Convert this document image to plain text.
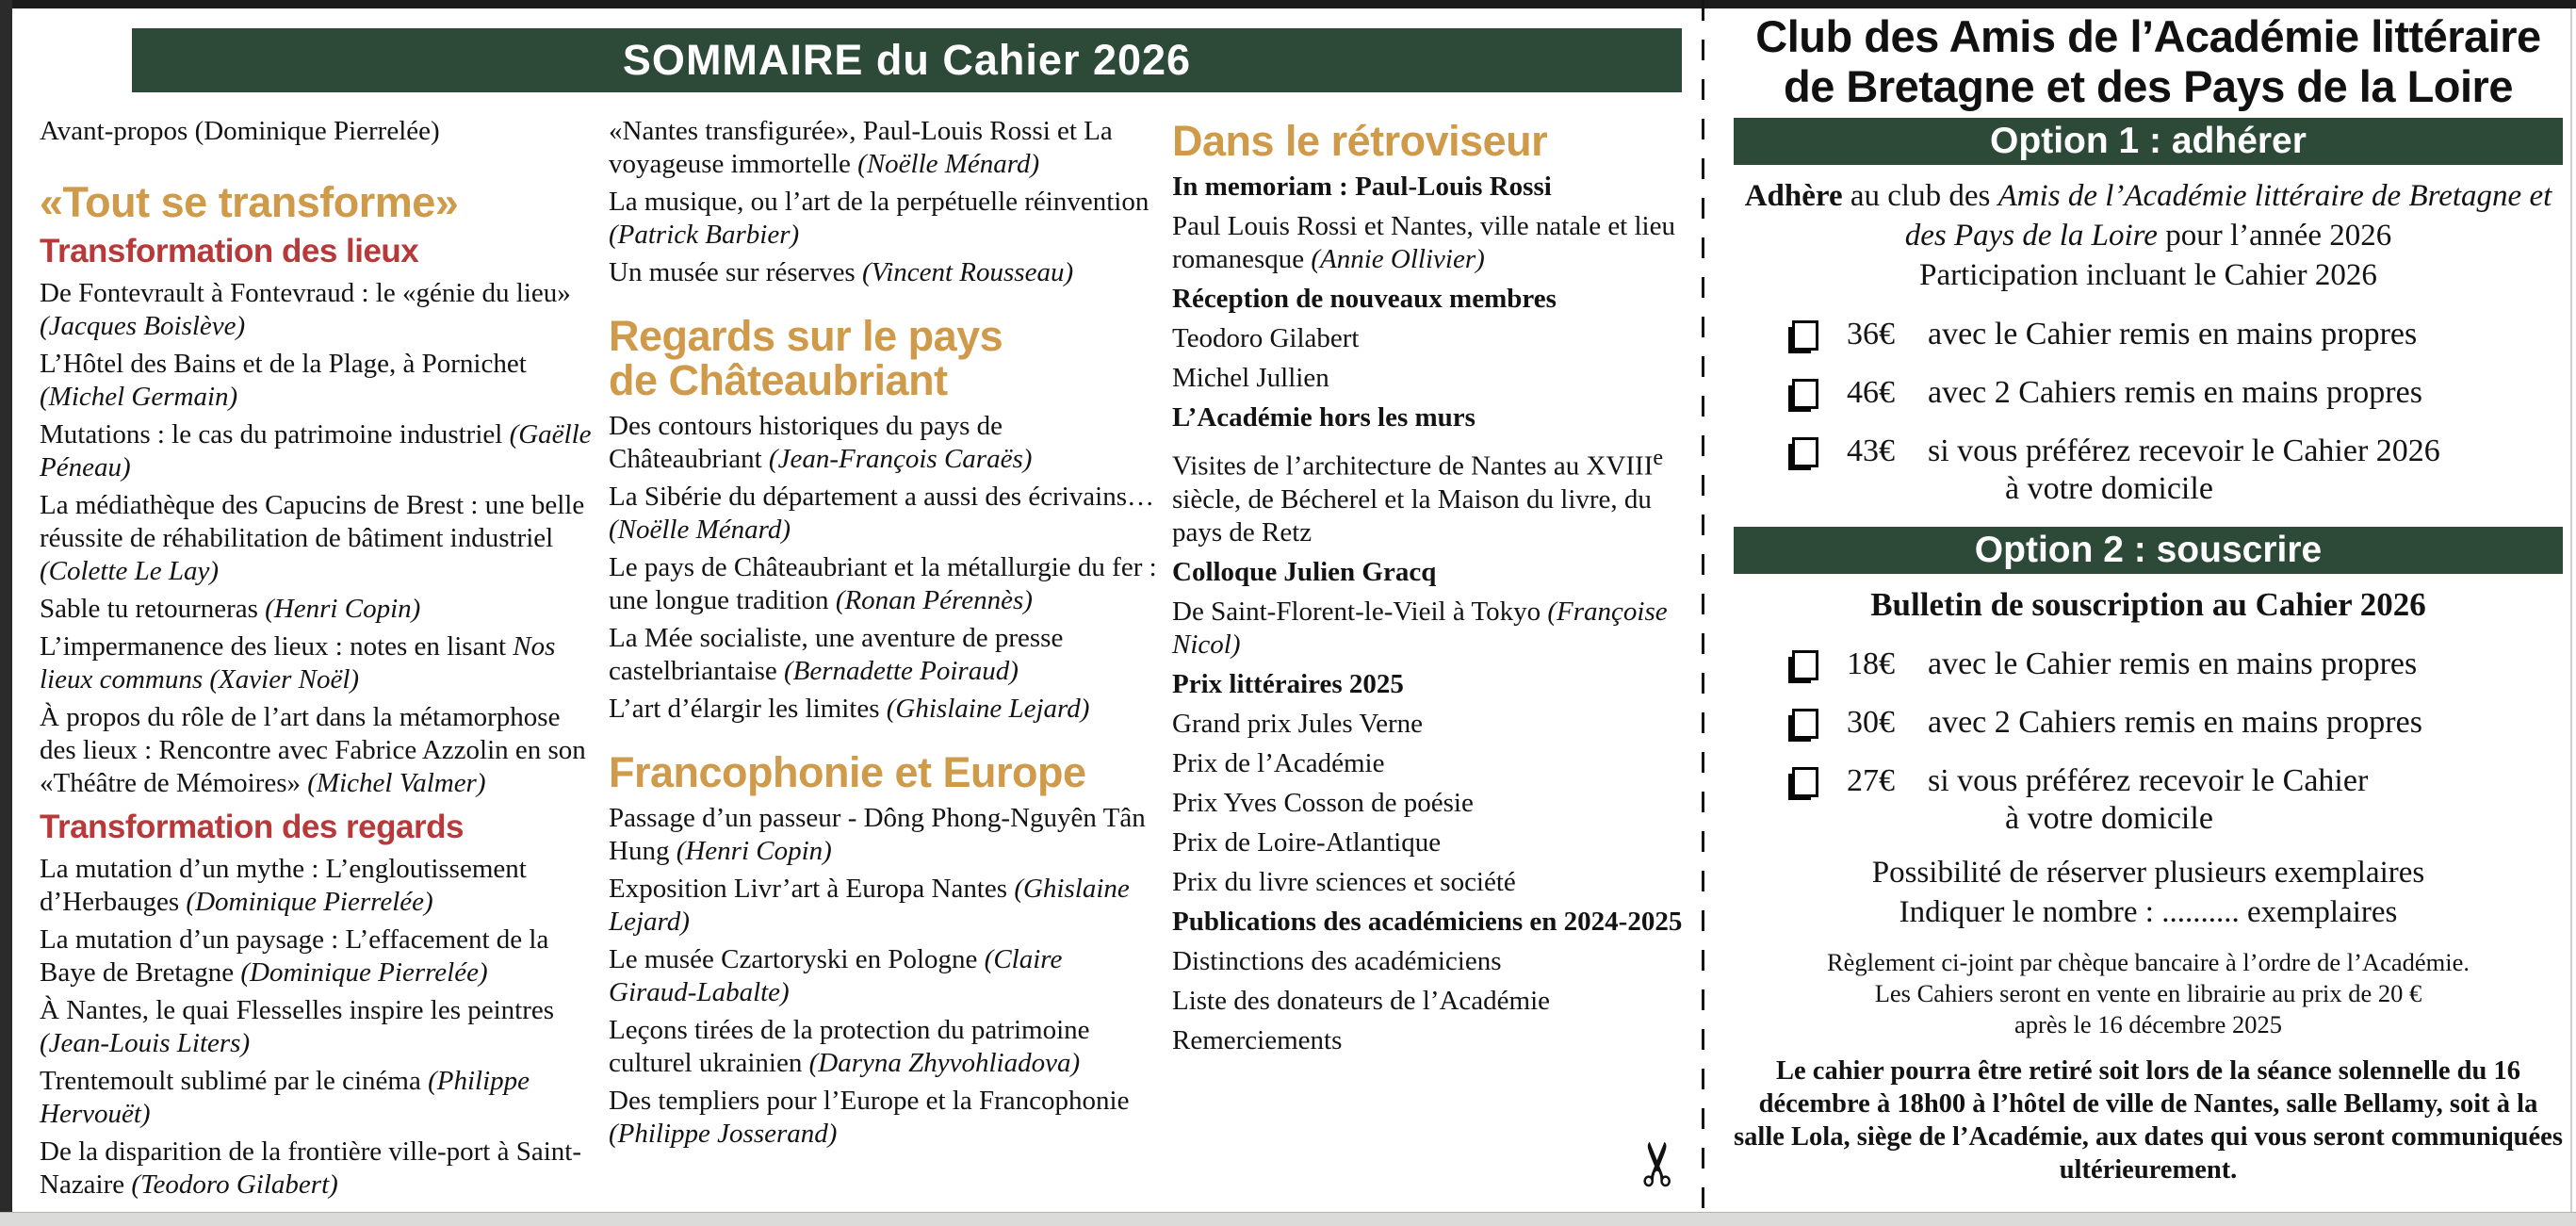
SOMMAIRE du Cahier 2026

Avant-propos (Dominique Pierrelée)

«Tout se transforme»
Transformation des lieux

De Fontevrault à Fontevraud : le «génie du lieu» (Jacques Boislève)

L’Hôtel des Bains et de la Plage, à Pornichet (Michel Germain)

Mutations : le cas du patrimoine industriel (Gaëlle Péneau)

La médiathèque des Capucins de Brest : une belle réussite de réhabilitation de bâtiment industriel (Colette Le Lay)

Sable tu retourneras (Henri Copin)

L’impermanence des lieux : notes en lisant Nos lieux communs (Xavier Noël)

À propos du rôle de l’art dans la métamorphose des lieux : Rencontre avec Fabrice Azzolin en son «Théâtre de Mémoires» (Michel Valmer)

Transformation des regards

La mutation d’un mythe : L’engloutissement d’Herbauges (Dominique Pierrelée)

La mutation d’un paysage : L’effacement de la Baye de Bretagne (Dominique Pierrelée)

À Nantes, le quai Flesselles inspire les peintres (Jean-Louis Liters)

Trentemoult sublimé par le cinéma (Philippe Hervouët)

De la disparition de la frontière ville-port à Saint-Nazaire (Teodoro Gilabert)

«Nantes transfigurée», Paul-Louis Rossi et La voyageuse immortelle (Noëlle Ménard)

La musique, ou l’art de la perpétuelle réinvention (Patrick Barbier)

Un musée sur réserves (Vincent Rousseau)

Regards sur le pays
de Châteaubriant

Des contours historiques du pays de Châteaubriant (Jean-François Caraës)

La Sibérie du département a aussi des écrivains… (Noëlle Ménard)

Le pays de Châteaubriant et la métallurgie du fer : une longue tradition (Ronan Pérennès)

La Mée socialiste, une aventure de presse castelbriantaise (Bernadette Poiraud)

L’art d’élargir les limites (Ghislaine Lejard)

Francophonie et Europe

Passage d’un passeur - Dông Phong-Nguyên Tân Hung (Henri Copin)

Exposition Livr’art à Europa Nantes (Ghislaine Lejard)

Le musée Czartoryski en Pologne (Claire Giraud-Labalte)

Leçons tirées de la protection du patrimoine culturel ukrainien (Daryna Zhyvohliadova)

Des templiers pour l’Europe et la Francophonie (Philippe Josserand)

Dans le rétroviseur

In memoriam : Paul-Louis Rossi

Paul Louis Rossi et Nantes, ville natale et lieu romanesque (Annie Ollivier)

Réception de nouveaux membres

Teodoro Gilabert

Michel Jullien

L’Académie hors les murs

Visites de l’architecture de Nantes au XVIIIe siècle, de Bécherel et la Maison du livre, du pays de Retz

Colloque Julien Gracq

De Saint-Florent-le-Vieil à Tokyo (Françoise Nicol)

Prix littéraires 2025

Grand prix Jules Verne

Prix de l’Académie

Prix Yves Cosson de poésie

Prix de Loire-Atlantique

Prix du livre sciences et société

Publications des académiciens en 2024-2025

Distinctions des académiciens

Liste des donateurs de l’Académie

Remerciements

✂
Club des Amis de l’Académie littéraire
de Bretagne et des Pays de la Loire
Option 1 : adhérer
Adhère au club des Amis de l’Académie littéraire de Bretagne et des Pays de la Loire pour l’année 2026
Participation incluant le Cahier 2026
36€ avec le Cahier remis en mains propres
46€ avec 2 Cahiers remis en mains propres
43€ si vous préférez recevoir le Cahier 2026
à votre domicile
Option 2 : souscrire
Bulletin de souscription au Cahier 2026
18€ avec le Cahier remis en mains propres
30€ avec 2 Cahiers remis en mains propres
27€ si vous préférez recevoir le Cahier
à votre domicile
Possibilité de réserver plusieurs exemplaires
Indiquer le nombre : .......... exemplaires
Règlement ci-joint par chèque bancaire à l’ordre de l’Académie.
Les Cahiers seront en vente en librairie au prix de 20 €
après le 16 décembre 2025
Le cahier pourra être retiré soit lors de la séance solennelle du 16 décembre à 18h00 à l’hôtel de ville de Nantes, salle Bellamy, soit à la salle Lola, siège de l’Académie, aux dates qui vous seront communiquées ultérieurement.
